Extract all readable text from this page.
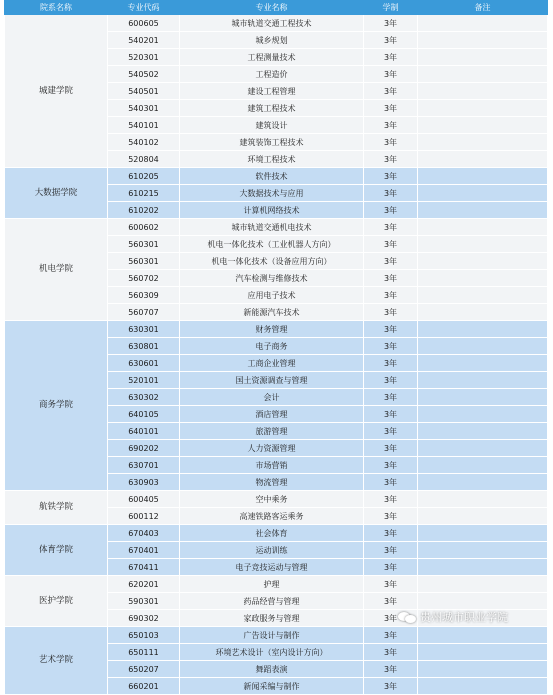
院系名称	专业代码	专业名称	学制	备注
城建学院	600605	城市轨道交通工程技术	3年	
	540201	城乡规划	3年	
	520301	工程测量技术	3年	
	540502	工程造价	3年	
	540501	建设工程管理	3年	
	540301	建筑工程技术	3年	
	540101	建筑设计	3年	
	540102	建筑装饰工程技术	3年	
	520804	环境工程技术	3年	
大数据学院	610205	软件技术	3年	
	610215	大数据技术与应用	3年	
	610202	计算机网络技术	3年	
机电学院	600602	城市轨道交通机电技术	3年	
	560301	机电一体化技术（工业机器人方向）	3年	
	560301	机电一体化技术（设备应用方向）	3年	
	560702	汽车检测与维修技术	3年	
	560309	应用电子技术	3年	
	560707	新能源汽车技术	3年	
商务学院	630301	财务管理	3年	
	630801	电子商务	3年	
	630601	工商企业管理	3年	
	520101	国土资源调查与管理	3年	
	630302	会计	3年	
	640105	酒店管理	3年	
	640101	旅游管理	3年	
	690202	人力资源管理	3年	
	630701	市场营销	3年	
	630903	物流管理	3年	
航铁学院	600405	空中乘务	3年	
	600112	高速铁路客运乘务	3年	
体育学院	670403	社会体育	3年	
	670401	运动训练	3年	
	670411	电子竞技运动与管理	3年	
医护学院	620201	护理	3年	
	590301	药品经营与管理	3年	
	690302	家政服务与管理	3年	
艺术学院	650103	广告设计与制作	3年	
	650111	环境艺术设计（室内设计方向）	3年	
	650207	舞蹈表演	3年	
	660201	新闻采编与制作	3年	
贵州城市职业学院
